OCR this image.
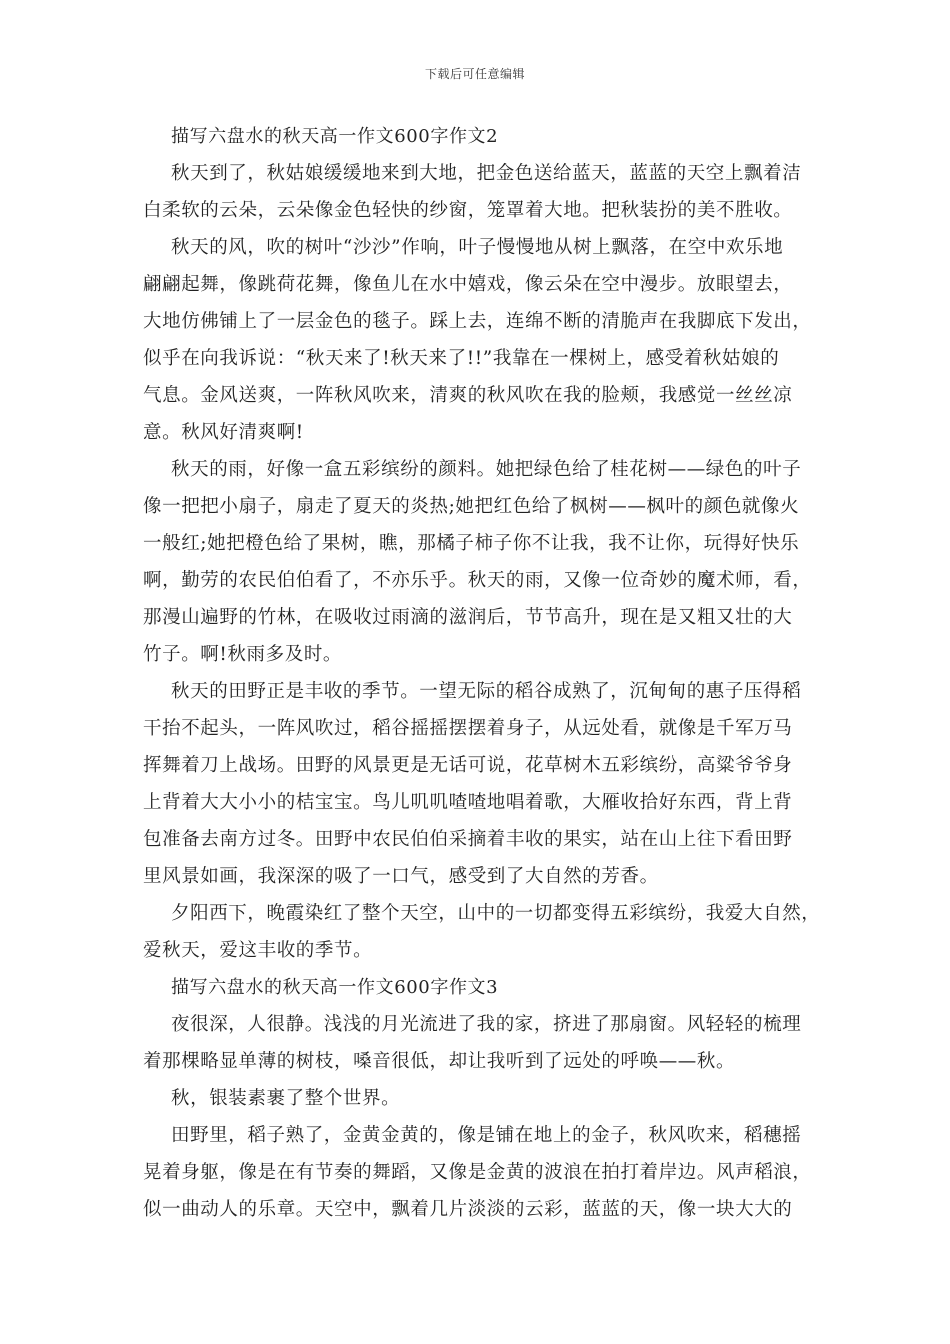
下载后可任意编辑

描写六盘水的秋天高一作文600字作文2

秋天到了，秋姑娘缓缓地来到大地，把金色送给蓝天，蓝蓝的天空上飘着洁

白柔软的云朵，云朵像金色轻快的纱窗，笼罩着大地。把秋装扮的美不胜收。

秋天的风，吹的树叶“沙沙”作响，叶子慢慢地从树上飘落，在空中欢乐地

翩翩起舞，像跳荷花舞，像鱼儿在水中嬉戏，像云朵在空中漫步。放眼望去，

大地仿佛铺上了一层金色的毯子。踩上去，连绵不断的清脆声在我脚底下发出，

似乎在向我诉说：“秋天来了!秋天来了!!”我靠在一棵树上，感受着秋姑娘的

气息。金风送爽，一阵秋风吹来，清爽的秋风吹在我的脸颊，我感觉一丝丝凉

意。秋风好清爽啊!

秋天的雨，好像一盒五彩缤纷的颜料。她把绿色给了桂花树——绿色的叶子

像一把把小扇子，扇走了夏天的炎热;她把红色给了枫树——枫叶的颜色就像火

一般红;她把橙色给了果树，瞧，那橘子柿子你不让我，我不让你，玩得好快乐

啊，勤劳的农民伯伯看了，不亦乐乎。秋天的雨，又像一位奇妙的魔术师，看，

那漫山遍野的竹林，在吸收过雨滴的滋润后，节节高升，现在是又粗又壮的大

竹子。啊!秋雨多及时。

秋天的田野正是丰收的季节。一望无际的稻谷成熟了，沉甸甸的惠子压得稻

干抬不起头，一阵风吹过，稻谷摇摇摆摆着身子，从远处看，就像是千军万马

挥舞着刀上战场。田野的风景更是无话可说，花草树木五彩缤纷，高粱爷爷身

上背着大大小小的桔宝宝。鸟儿叽叽喳喳地唱着歌，大雁收拾好东西，背上背

包准备去南方过冬。田野中农民伯伯采摘着丰收的果实，站在山上往下看田野

里风景如画，我深深的吸了一口气，感受到了大自然的芳香。

夕阳西下，晚霞染红了整个天空，山中的一切都变得五彩缤纷，我爱大自然，

爱秋天，爱这丰收的季节。

描写六盘水的秋天高一作文600字作文3

夜很深，人很静。浅浅的月光流进了我的家，挤进了那扇窗。风轻轻的梳理

着那棵略显单薄的树枝，嗓音很低，却让我听到了远处的呼唤——秋。

秋，银装素裹了整个世界。

田野里，稻子熟了，金黄金黄的，像是铺在地上的金子，秋风吹来，稻穗摇

晃着身躯，像是在有节奏的舞蹈，又像是金黄的波浪在拍打着岸边。风声稻浪，

似一曲动人的乐章。天空中，飘着几片淡淡的云彩，蓝蓝的天，像一块大大的
